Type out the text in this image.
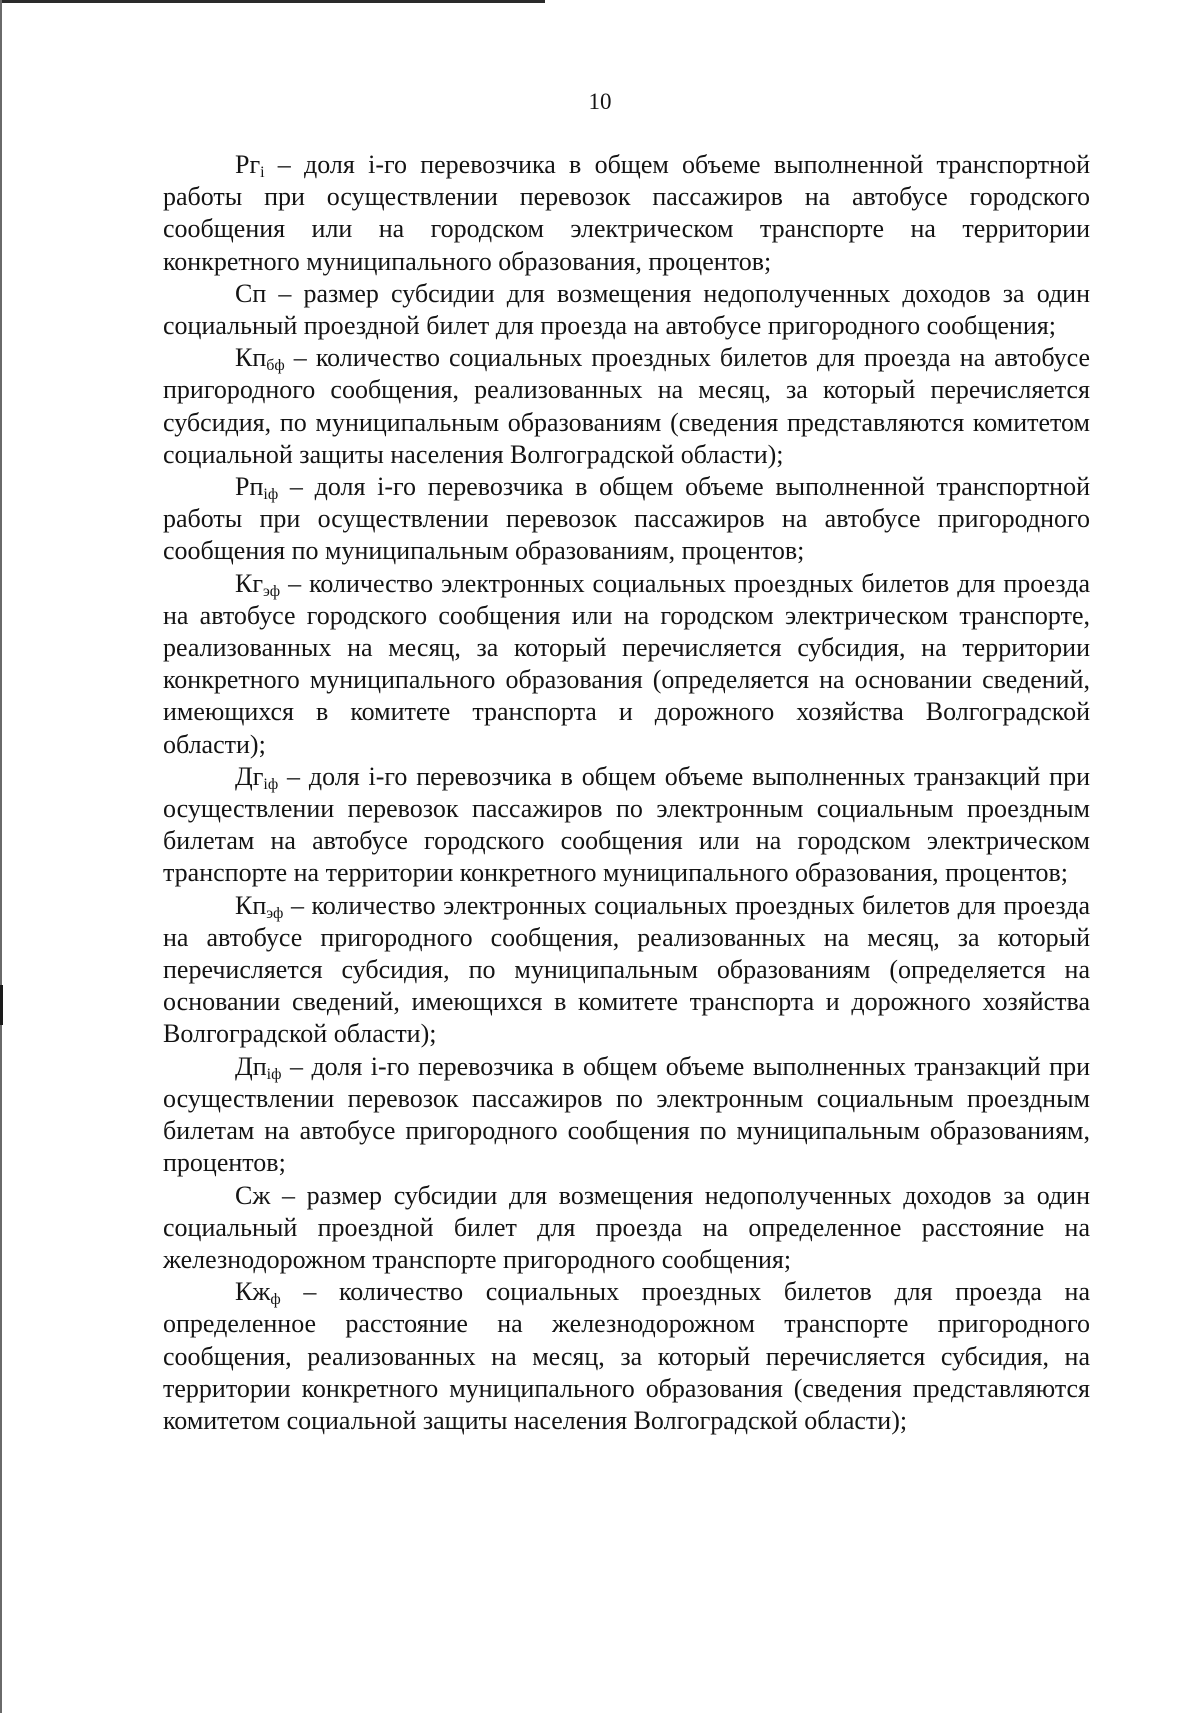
10

$Рг_i$ – доля i-го перевозчика в общем объеме выполненной транспортной работы при осуществлении перевозок пассажиров на автобусе городского сообщения или на городском электрическом транспорте на территории конкретного муниципального образования, процентов;

Сп – размер субсидии для возмещения недополученных доходов за один социальный проездной билет для проезда на автобусе пригородного сообщения;

$Кп_{бф}$ – количество социальных проездных билетов для проезда на автобусе пригородного сообщения, реализованных на месяц, за который перечисляется субсидия, по муниципальным образованиям (сведения представляются комитетом социальной защиты населения Волгоградской области);

$Рп_{iф}$ – доля i-го перевозчика в общем объеме выполненной транспортной работы при осуществлении перевозок пассажиров на автобусе пригородного сообщения по муниципальным образованиям, процентов;

$Кг_{эф}$ – количество электронных социальных проездных билетов для проезда на автобусе городского сообщения или на городском электрическом транспорте, реализованных на месяц, за который перечисляется субсидия, на территории конкретного муниципального образования (определяется на основании сведений, имеющихся в комитете транспорта и дорожного хозяйства Волгоградской области);

$Дг_{iф}$ – доля i-го перевозчика в общем объеме выполненных транзакций при осуществлении перевозок пассажиров по электронным социальным проездным билетам на автобусе городского сообщения или на городском электрическом транспорте на территории конкретного муниципального образования, процентов;

$Кп_{эф}$ – количество электронных социальных проездных билетов для проезда на автобусе пригородного сообщения, реализованных на месяц, за который перечисляется субсидия, по муниципальным образованиям (определяется на основании сведений, имеющихся в комитете транспорта и дорожного хозяйства Волгоградской области);

$Дп_{iф}$ – доля i-го перевозчика в общем объеме выполненных транзакций при осуществлении перевозок пассажиров по электронным социальным проездным билетам на автобусе пригородного сообщения по муниципальным образованиям, процентов;

Сж – размер субсидии для возмещения недополученных доходов за один социальный проездной билет для проезда на определенное расстояние на железнодорожном транспорте пригородного сообщения;

$Кж_ф$ – количество социальных проездных билетов для проезда на определенное расстояние на железнодорожном транспорте пригородного сообщения, реализованных на месяц, за который перечисляется субсидия, на территории конкретного муниципального образования (сведения представляются комитетом социальной защиты населения Волгоградской области);
